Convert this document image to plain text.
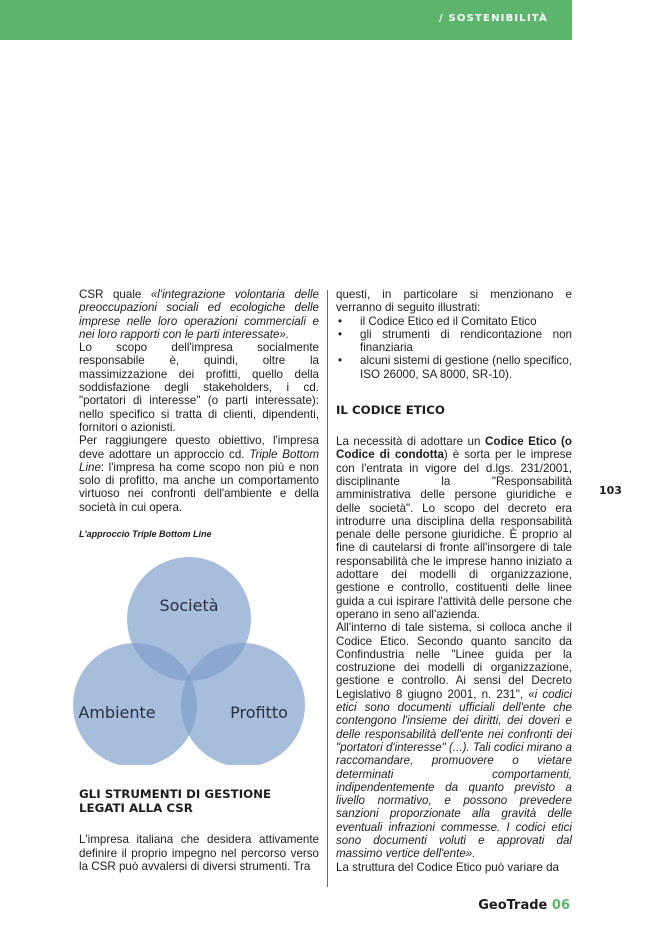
/ SOSTENIBILITÀ

CSR quale «l'integrazione volontaria delle preoccupazioni sociali ed ecologiche delle imprese nelle loro operazioni commerciali e nei loro rapporti con le parti interessate».

Lo scopo dell'impresa socialmente responsabile è, quindi, oltre la massimizzazione dei profitti, quello della soddisfazione degli stakeholders, i cd. "portatori di interesse" (o parti interessate): nello specifico si tratta di clienti, dipendenti, fornitori o azionisti.

Per raggiungere questo obiettivo, l'impresa deve adottare un approccio cd. Triple Bottom Line: l'impresa ha come scopo non più e non solo di profitto, ma anche un comportamento virtuoso nei confronti dell'ambiente e della società in cui opera.

L'approccio Triple Bottom Line
Società
Ambiente	Profitto
GLI STRUMENTI DI GESTIONE
LEGATI ALLA CSR

L'impresa italiana che desidera attivamente definire il proprio impegno nel percorso verso la CSR può avvalersi di diversi strumenti. Tra

questi, in particolare si menzionano e verranno di seguito illustrati:

• il Codice Etico ed il Comitato Etico
• gli strumenti di rendicontazione non finanziaria
• alcuni sistemi di gestione (nello specifico, ISO 26000, SA 8000, SR-10).
IL CODICE ETICO

La necessità di adottare un Codice Etico (o Codice di condotta) è sorta per le imprese con l'entrata in vigore del d.lgs. 231/2001, disciplinante la "Responsabilità amministrativa delle persone giuridiche e delle società". Lo scopo del decreto era introdurre una disciplina della responsabilità penale delle persone giuridiche. È proprio al fine di cautelarsi di fronte all'insorgere di tale responsabilità che le imprese hanno iniziato a adottare dei modelli di organizzazione, gestione e controllo, costituenti delle linee guida a cui ispirare l'attività delle persone che operano in seno all'azienda.

All'interno di tale sistema, si colloca anche il Codice Etico. Secondo quanto sancito da Confindustria nelle "Linee guida per la costruzione dei modelli di organizzazione, gestione e controllo. Ai sensi del Decreto Legislativo 8 giugno 2001, n. 231", «i codici etici sono documenti ufficiali dell'ente che contengono l'insieme dei diritti, dei doveri e delle responsabilità dell'ente nei confronti dei "portatori d'interesse" (...). Tali codici mirano a raccomandare, promuovere o vietare determinati comportamenti, indipendentemente da quanto previsto a livello normativo, e possono prevedere sanzioni proporzionate alla gravità delle eventuali infrazioni commesse. I codici etici sono documenti voluti e approvati dal massimo vertice dell'ente».

La struttura del Codice Etico può variare da

103
GeoTrade 06
